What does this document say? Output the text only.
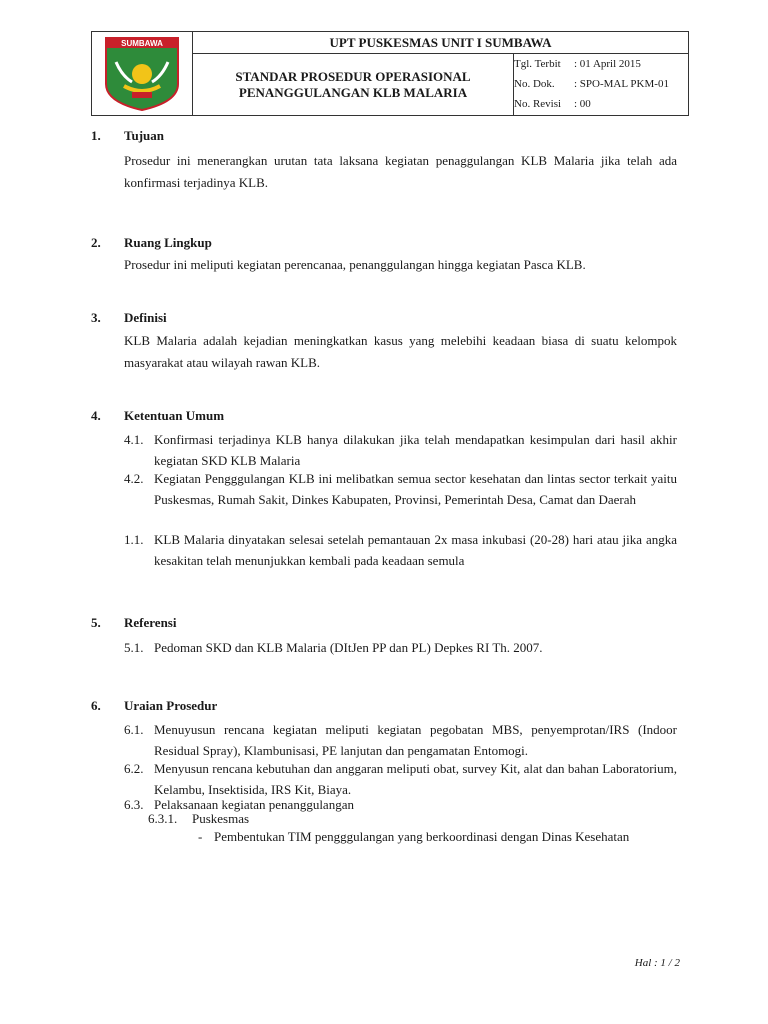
SUMBAWA	UPT PUSKESMAS UNIT I SUMBAWA
STANDAR PROSEDUR OPERASIONAL
PENANGGULANGAN KLB MALARIA
Tgl. Terbit : 01 April 2015
No. Dok. : SPO-MAL PKM-01
No. Revisi : 00
1. Tujuan
Prosedur ini menerangkan urutan tata laksana kegiatan penaggulangan KLB Malaria jika telah ada konfirmasi terjadinya KLB.
2. Ruang Lingkup
Prosedur ini meliputi kegiatan perencanaa, penanggulangan hingga kegiatan Pasca KLB.
3. Definisi
KLB Malaria adalah kejadian meningkatkan kasus yang melebihi keadaan biasa di suatu kelompok masyarakat atau wilayah rawan KLB.
4. Ketentuan Umum
4.1. Konfirmasi terjadinya KLB hanya dilakukan jika telah mendapatkan kesimpulan dari hasil akhir kegiatan SKD KLB Malaria
4.2. Kegiatan Pengggulangan KLB ini melibatkan semua sector kesehatan dan lintas sector terkait yaitu Puskesmas, Rumah Sakit, Dinkes Kabupaten, Provinsi, Pemerintah Desa, Camat dan Daerah
1.1. KLB Malaria dinyatakan selesai setelah pemantauan 2x masa inkubasi (20-28) hari atau jika angka kesakitan telah menunjukkan kembali pada keadaan semula
5. Referensi
5.1. Pedoman SKD dan KLB Malaria (DItJen PP dan PL) Depkes RI Th. 2007.
6. Uraian Prosedur
6.1. Menuyusun rencana kegiatan meliputi kegiatan pegobatan MBS, penyemprotan/IRS (Indoor Residual Spray), Klambunisasi, PE lanjutan dan pengamatan Entomogi.
6.2. Menyusun rencana kebutuhan dan anggaran meliputi obat, survey Kit, alat dan bahan Laboratorium, Kelambu, Insektisida, IRS Kit, Biaya.
6.3. Pelaksanaan kegiatan penanggulangan
6.3.1. Puskesmas
- Pembentukan TIM pengggulangan yang berkoordinasi dengan Dinas Kesehatan
Hal : 1 / 2
